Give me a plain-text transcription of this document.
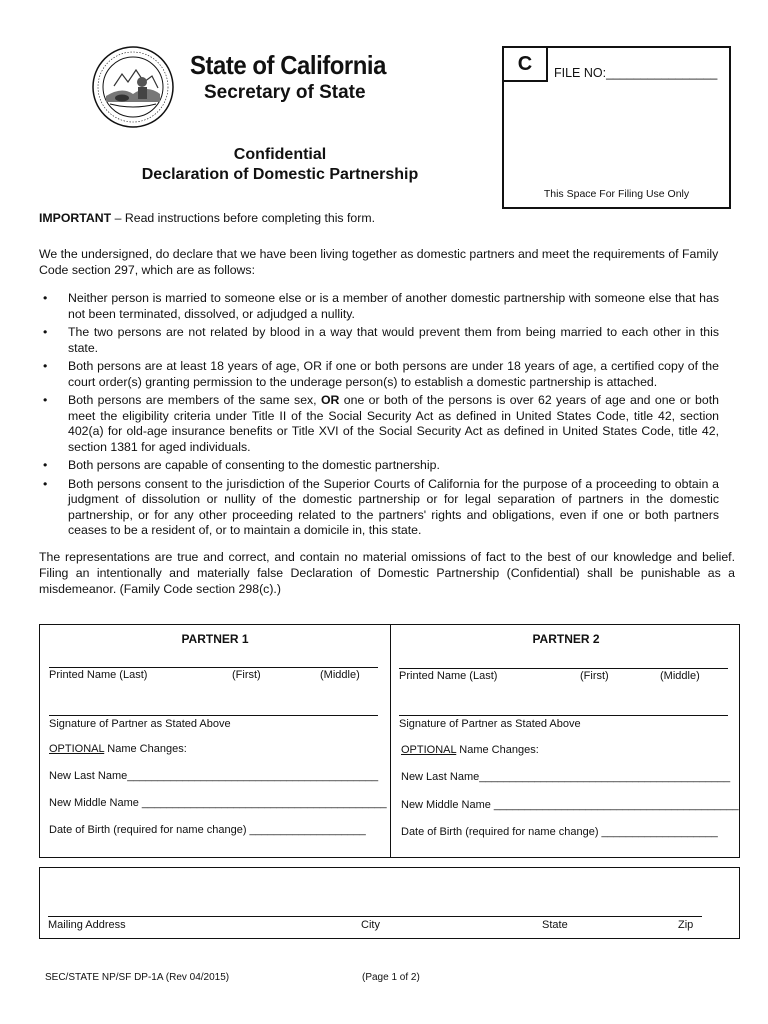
State of California
Secretary of State
Confidential
Declaration of Domestic Partnership
C	FILE NO:________________
This Space For Filing Use Only
IMPORTANT – Read instructions before completing this form.
We the undersigned, do declare that we have been living together as domestic partners and meet the requirements of Family Code section 297, which are as follows:
• Neither person is married to someone else or is a member of another domestic partnership with someone else that has not been terminated, dissolved, or adjudged a nullity.
• The two persons are not related by blood in a way that would prevent them from being married to each other in this state.
• Both persons are at least 18 years of age, OR if one or both persons are under 18 years of age, a certified copy of the court order(s) granting permission to the underage person(s) to establish a domestic partnership is attached.
• Both persons are members of the same sex, OR one or both of the persons is over 62 years of age and one or both meet the eligibility criteria under Title II of the Social Security Act as defined in United States Code, title 42, section 402(a) for old-age insurance benefits or Title XVI of the Social Security Act as defined in United States Code, title 42, section 1381 for aged individuals.
• Both persons are capable of consenting to the domestic partnership.
• Both persons consent to the jurisdiction of the Superior Courts of California for the purpose of a proceeding to obtain a judgment of dissolution or nullity of the domestic partnership or for legal separation of partners in the domestic partnership, or for any other proceeding related to the partners' rights and obligations, even if one or both partners ceases to be a resident of, or to maintain a domicile in, this state.
The representations are true and correct, and contain no material omissions of fact to the best of our knowledge and belief. Filing an intentionally and materially false Declaration of Domestic Partnership (Confidential) shall be punishable as a misdemeanor. (Family Code section 298(c).)
PARTNER 1
Printed Name (Last)	(First)	(Middle)
Signature of Partner as Stated Above
OPTIONAL Name Changes:
New Last Name_________________________________________
New Middle Name ________________________________________
Date of Birth (required for name change) ___________________
PARTNER 2
Printed Name (Last)	(First)	(Middle)
Signature of Partner as Stated Above
OPTIONAL Name Changes:
New Last Name_________________________________________
New Middle Name ________________________________________
Date of Birth (required for name change) ___________________
Mailing Address	City	State	Zip
SEC/STATE NP/SF DP-1A (Rev 04/2015)	(Page 1 of 2)
